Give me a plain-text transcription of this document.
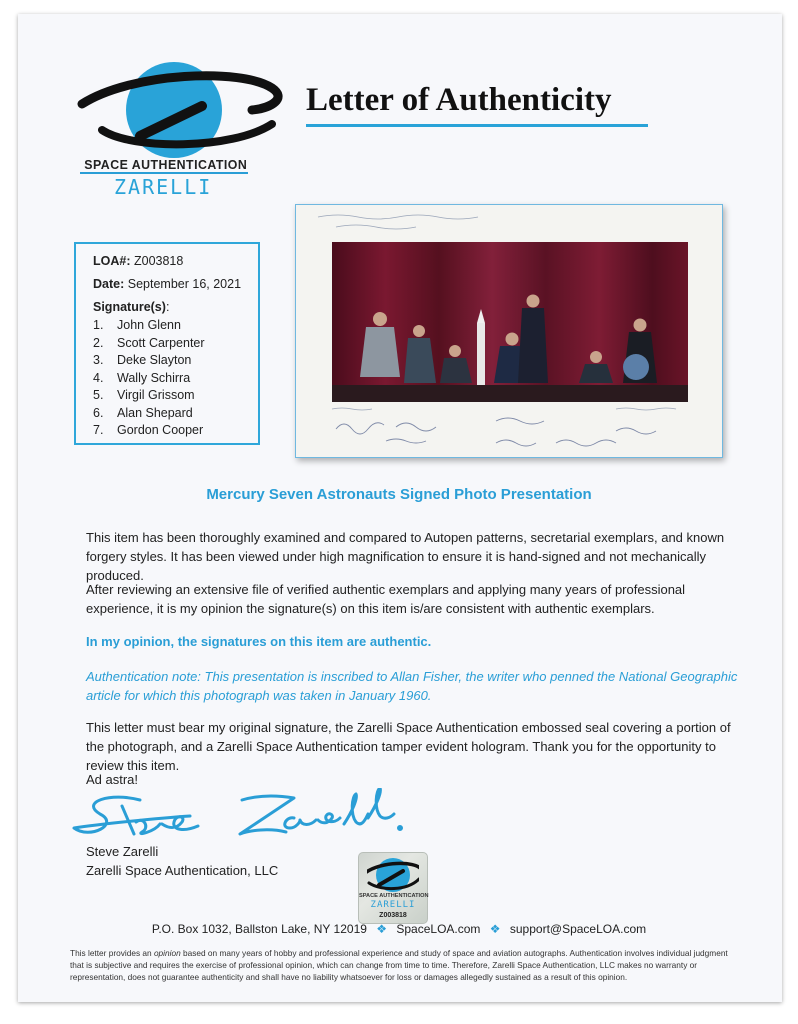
SPACE AUTHENTICATION
ZARELLI
Letter of Authenticity
LOA#: Z003818
Date: September 16, 2021
Signature(s):
1. John Glenn
2. Scott Carpenter
3. Deke Slayton
4. Wally Schirra
5. Virgil Grissom
6. Alan Shepard
7. Gordon Cooper
Mercury Seven Astronauts Signed Photo Presentation

This item has been thoroughly examined and compared to Autopen patterns, secretarial exemplars, and known forgery styles. It has been viewed under high magnification to ensure it is hand-signed and not mechanically produced.

After reviewing an extensive file of verified authentic exemplars and applying many years of professional experience, it is my opinion the signature(s) on this item is/are consistent with authentic exemplars.

In my opinion, the signatures on this item are authentic.

Authentication note: This presentation is inscribed to Allan Fisher, the writer who penned the National Geographic article for which this photograph was taken in January 1960.

This letter must bear my original signature, the Zarelli Space Authentication embossed seal covering a portion of the photograph, and a Zarelli Space Authentication tamper evident hologram. Thank you for the opportunity to review this item.

Ad astra!

Steve Zarelli
Zarelli Space Authentication, LLC
SPACE AUTHENTICATION
ZARELLI
Z003818
P.O. Box 1032, Ballston Lake, NY 12019 ❖ SpaceLOA.com ❖ support@SpaceLOA.com

This letter provides an opinion based on many years of hobby and professional experience and study of space and aviation autographs. Authentication involves individual judgment that is subjective and requires the exercise of professional opinion, which can change from time to time. Therefore, Zarelli Space Authentication, LLC makes no warranty or representation, does not guarantee authenticity and shall have no liability whatsoever for loss or damages allegedly sustained as a result of this opinion.
